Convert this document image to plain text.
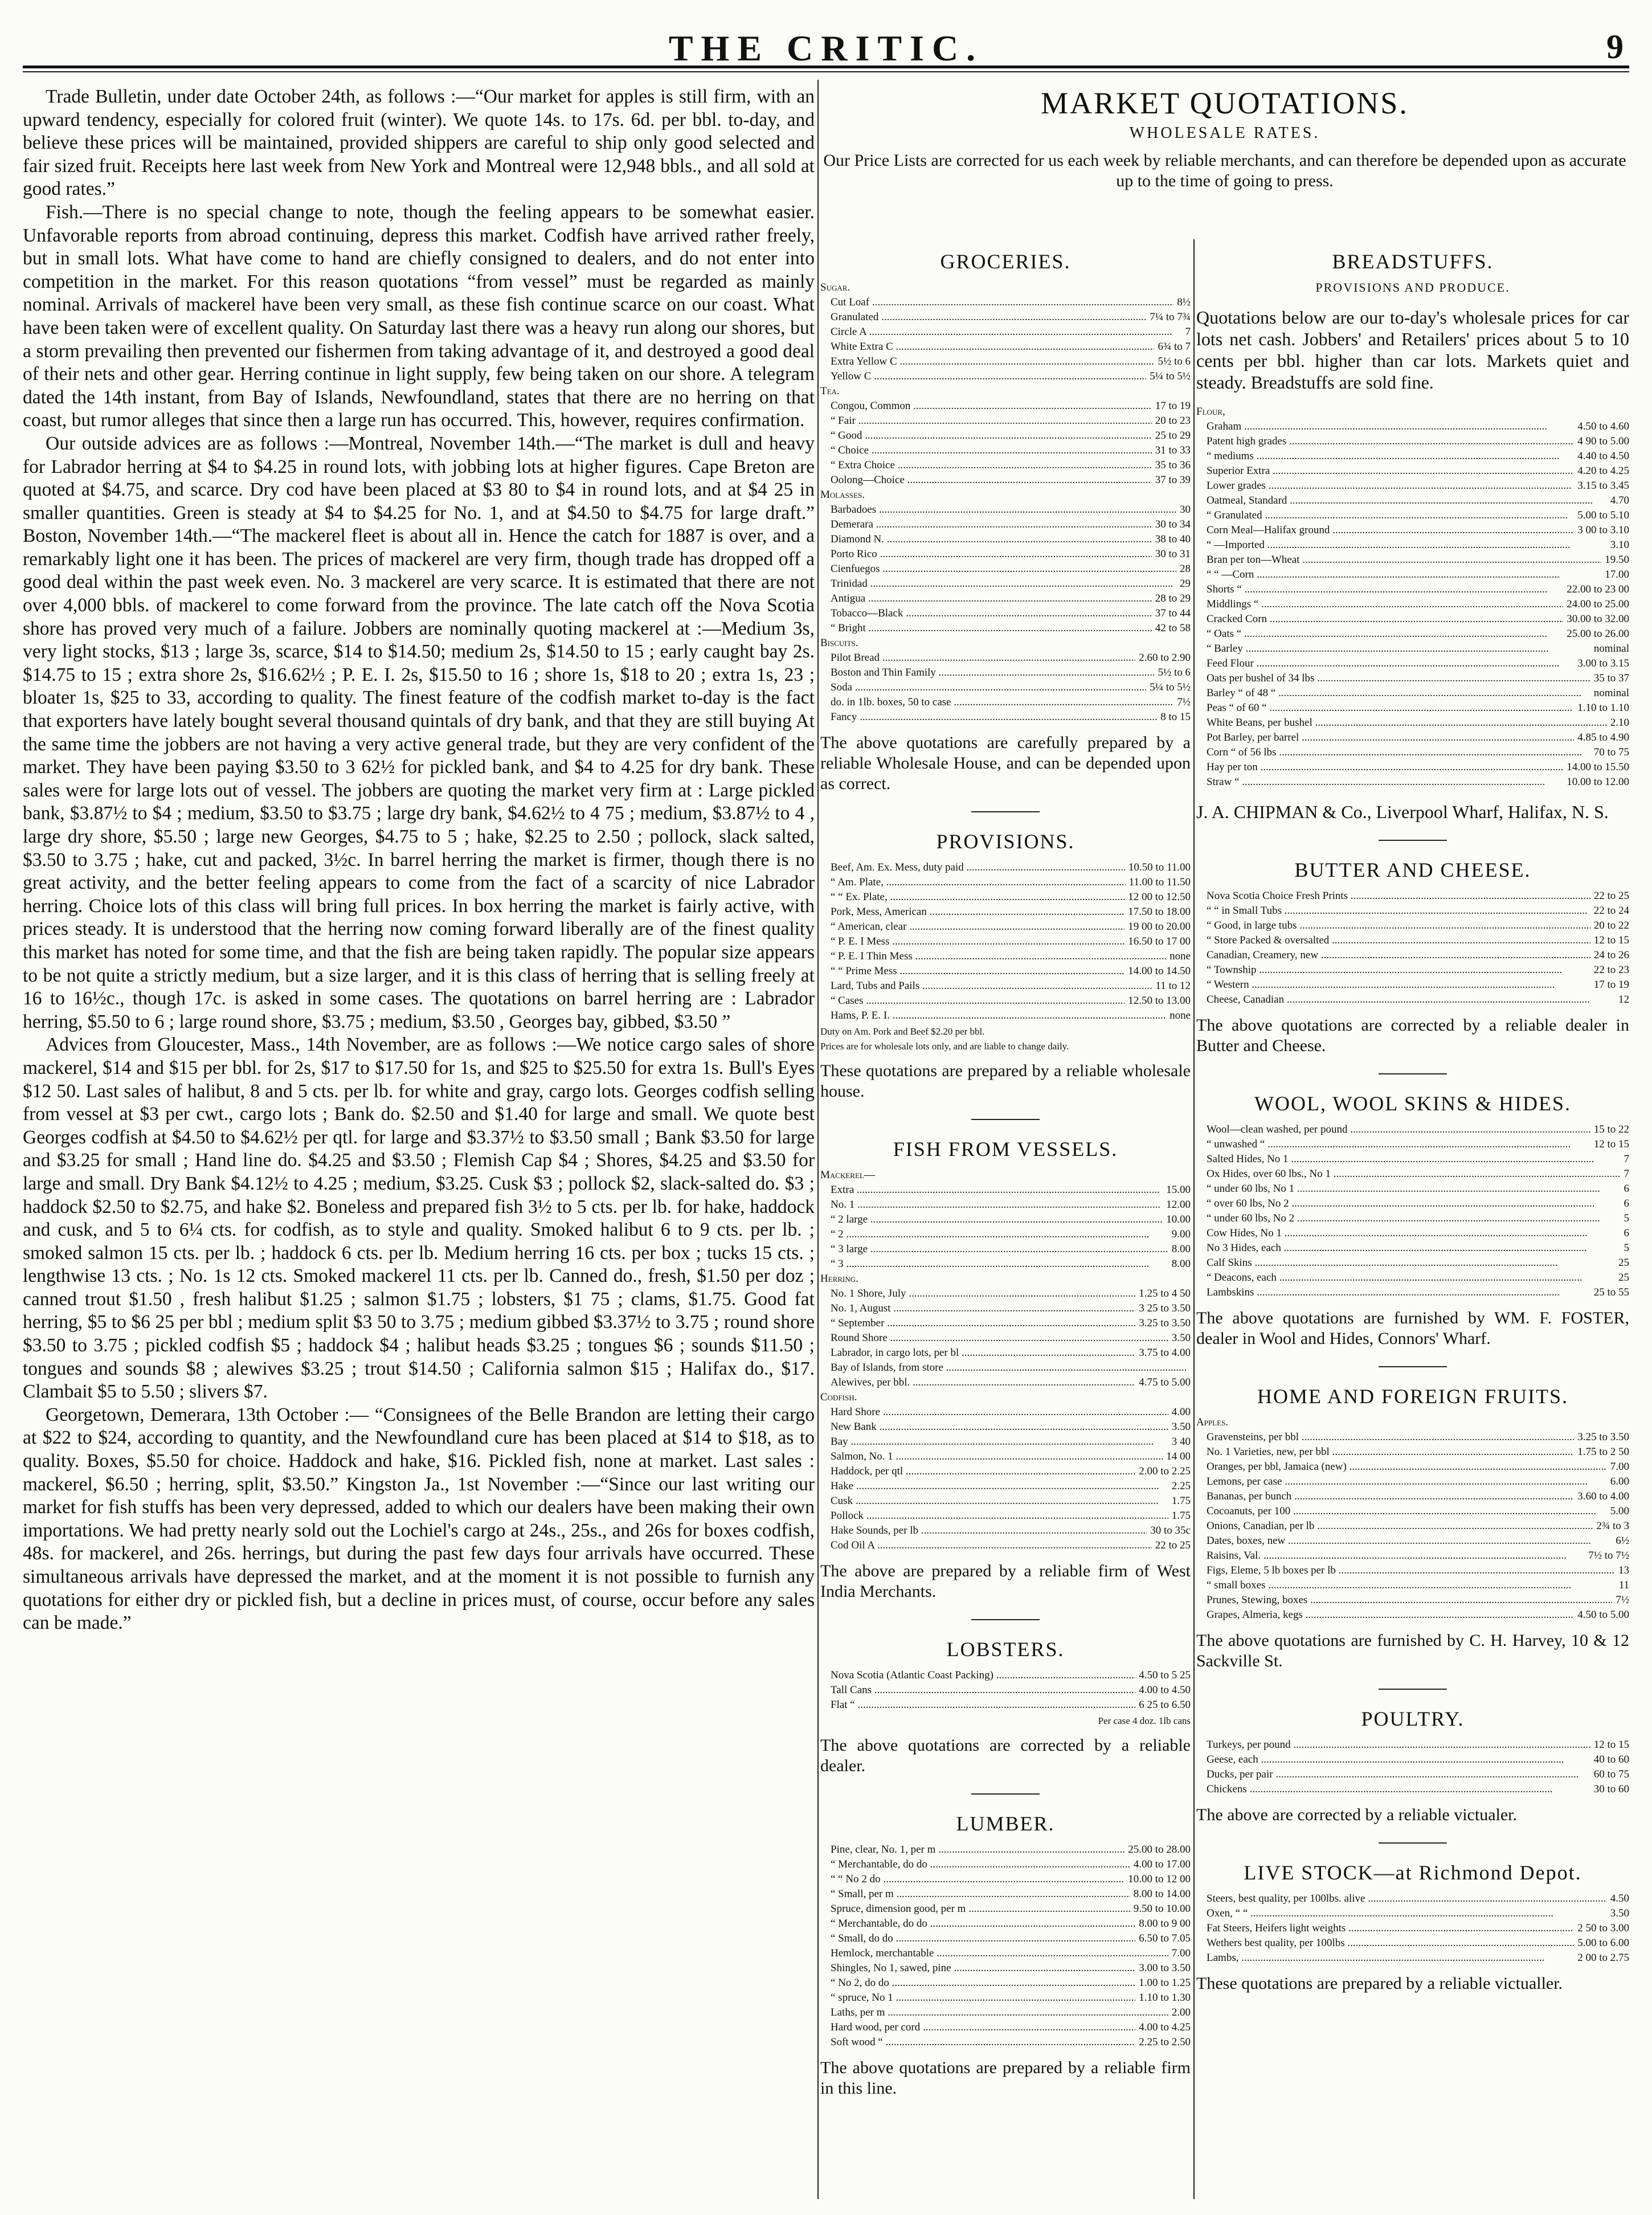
THE CRITIC.	9

Trade Bulletin, under date October 24th, as follows :—“Our market for apples is still firm, with an upward tendency, especially for colored fruit (winter). We quote 14s. to 17s. 6d. per bbl. to-day, and believe these prices will be maintained, provided shippers are careful to ship only good selected and fair sized fruit. Receipts here last week from New York and Montreal were 12,948 bbls., and all sold at good rates.”

Fish.—There is no special change to note, though the feeling appears to be somewhat easier. Unfavorable reports from abroad continuing, depress this market. Codfish have arrived rather freely, but in small lots. What have come to hand are chiefly consigned to dealers, and do not enter into competition in the market. For this reason quotations “from vessel” must be regarded as mainly nominal. Arrivals of mackerel have been very small, as these fish continue scarce on our coast. What have been taken were of excellent quality. On Saturday last there was a heavy run along our shores, but a storm prevailing then prevented our fishermen from taking advantage of it, and destroyed a good deal of their nets and other gear. Herring continue in light supply, few being taken on our shore. A telegram dated the 14th instant, from Bay of Islands, Newfoundland, states that there are no herring on that coast, but rumor alleges that since then a large run has occurred. This, however, requires confirmation.

Our outside advices are as follows :—Montreal, November 14th.—“The market is dull and heavy for Labrador herring at $4 to $4.25 in round lots, with jobbing lots at higher figures. Cape Breton are quoted at $4.75, and scarce. Dry cod have been placed at $3 80 to $4 in round lots, and at $4 25 in smaller quantities. Green is steady at $4 to $4.25 for No. 1, and at $4.50 to $4.75 for large draft.” Boston, November 14th.—“The mackerel fleet is about all in. Hence the catch for 1887 is over, and a remarkably light one it has been. The prices of mackerel are very firm, though trade has dropped off a good deal within the past week even. No. 3 mackerel are very scarce. It is estimated that there are not over 4,000 bbls. of mackerel to come forward from the province. The late catch off the Nova Scotia shore has proved very much of a failure. Jobbers are nominally quoting mackerel at :—Medium 3s, very light stocks, $13 ; large 3s, scarce, $14 to $14.50; medium 2s, $14.50 to 15 ; early caught bay 2s. $14.75 to 15 ; extra shore 2s, $16.62½ ; P. E. I. 2s, $15.50 to 16 ; shore 1s, $18 to 20 ; extra 1s, 23 ; bloater 1s, $25 to 33, according to quality. The finest feature of the codfish market to-day is the fact that exporters have lately bought several thousand quintals of dry bank, and that they are still buying At the same time the jobbers are not having a very active general trade, but they are very confident of the market. They have been paying $3.50 to 3 62½ for pickled bank, and $4 to 4.25 for dry bank. These sales were for large lots out of vessel. The jobbers are quoting the market very firm at : Large pickled bank, $3.87½ to $4 ; medium, $3.50 to $3.75 ; large dry bank, $4.62½ to 4 75 ; medium, $3.87½ to 4 , large dry shore, $5.50 ; large new Georges, $4.75 to 5 ; hake, $2.25 to 2.50 ; pollock, slack salted, $3.50 to 3.75 ; hake, cut and packed, 3½c. In barrel herring the market is firmer, though there is no great activity, and the better feeling appears to come from the fact of a scarcity of nice Labrador herring. Choice lots of this class will bring full prices. In box herring the market is fairly active, with prices steady. It is understood that the herring now coming forward liberally are of the finest quality this market has noted for some time, and that the fish are being taken rapidly. The popular size appears to be not quite a strictly medium, but a size larger, and it is this class of herring that is selling freely at 16 to 16½c., though 17c. is asked in some cases. The quotations on barrel herring are : Labrador herring, $5.50 to 6 ; large round shore, $3.75 ; medium, $3.50 , Georges bay, gibbed, $3.50 ”

Advices from Gloucester, Mass., 14th November, are as follows :—We notice cargo sales of shore mackerel, $14 and $15 per bbl. for 2s, $17 to $17.50 for 1s, and $25 to $25.50 for extra 1s. Bull's Eyes $12 50. Last sales of halibut, 8 and 5 cts. per lb. for white and gray, cargo lots. Georges codfish selling from vessel at $3 per cwt., cargo lots ; Bank do. $2.50 and $1.40 for large and small. We quote best Georges codfish at $4.50 to $4.62½ per qtl. for large and $3.37½ to $3.50 small ; Bank $3.50 for large and $3.25 for small ; Hand line do. $4.25 and $3.50 ; Flemish Cap $4 ; Shores, $4.25 and $3.50 for large and small. Dry Bank $4.12½ to 4.25 ; medium, $3.25. Cusk $3 ; pollock $2, slack-salted do. $3 ; haddock $2.50 to $2.75, and hake $2. Boneless and prepared fish 3½ to 5 cts. per lb. for hake, haddock and cusk, and 5 to 6¼ cts. for codfish, as to style and quality. Smoked halibut 6 to 9 cts. per lb. ; smoked salmon 15 cts. per lb. ; haddock 6 cts. per lb. Medium herring 16 cts. per box ; tucks 15 cts. ; lengthwise 13 cts. ; No. 1s 12 cts. Smoked mackerel 11 cts. per lb. Canned do., fresh, $1.50 per doz ; canned trout $1.50 , fresh halibut $1.25 ; salmon $1.75 ; lobsters, $1 75 ; clams, $1.75. Good fat herring, $5 to $6 25 per bbl ; medium split $3 50 to 3.75 ; medium gibbed $3.37½ to 3.75 ; round shore $3.50 to 3.75 ; pickled codfish $5 ; haddock $4 ; halibut heads $3.25 ; tongues $6 ; sounds $11.50 ; tongues and sounds $8 ; alewives $3.25 ; trout $14.50 ; California salmon $15 ; Halifax do., $17. Clambait $5 to 5.50 ; slivers $7.

Georgetown, Demerara, 13th October :— “Consignees of the Belle Brandon are letting their cargo at $22 to $24, according to quantity, and the Newfoundland cure has been placed at $14 to $18, as to quality. Boxes, $5.50 for choice. Haddock and hake, $16. Pickled fish, none at market. Last sales : mackerel, $6.50 ; herring, split, $3.50.” Kingston Ja., 1st November :—“Since our last writing our market for fish stuffs has been very depressed, added to which our dealers have been making their own importations. We had pretty nearly sold out the Lochiel's cargo at 24s., 25s., and 26s for boxes codfish, 48s. for mackerel, and 26s. herrings, but during the past few days four arrivals have occurred. These simultaneous arrivals have depressed the market, and at the moment it is not possible to furnish any quotations for either dry or pickled fish, but a decline in prices must, of course, occur before any sales can be made.”

MARKET QUOTATIONS.
WHOLESALE RATES.
Our Price Lists are corrected for us each week by reliable merchants, and can therefore be depended upon as accurate up to the time of going to press.
GROCERIES.
Sugar.
Cut Loaf .....	8½
Granulated .....	7¼ to 7¾
Circle A .....	7
White Extra C .....	6¾ to 7
Extra Yellow C .....	5½ to 6
Yellow C .....	5¼ to 5½
Tea.
Congou, Common .....	17 to 19
“ Fair .....	20 to 23
“ Good .....	25 to 29
“ Choice .....	31 to 33
“ Extra Choice .....	35 to 36
Oolong—Choice .....	37 to 39
Molasses.
Barbadoes .....	30
Demerara .....	30 to 34
Diamond N. .....	38 to 40
Porto Rico .....	30 to 31
Cienfuegos .....	28
Trinidad .....	29
Antigua .....	28 to 29
Tobacco—Black .....	37 to 44
“ Bright .....	42 to 58
Biscuits.
Pilot Bread .....	2.60 to 2.90
Boston and Thin Family .....	5½ to 6
Soda .....	5¼ to 5½
do. in 1lb. boxes, 50 to case .....	7½
Fancy .....	8 to 15
The above quotations are carefully prepared by a reliable Wholesale House, and can be depended upon as correct.
PROVISIONS.
Beef, Am. Ex. Mess, duty paid .....	10.50 to 11.00
“ Am. Plate, .....	11.00 to 11.50
“ “ Ex. Plate, .....	12 00 to 12.50
Pork, Mess, American .....	17.50 to 18.00
“ American, clear .....	19 00 to 20.00
“ P. E. I Mess .....	16.50 to 17 00
“ P. E. I Thin Mess .....	none
“ “ Prime Mess .....	14.00 to 14.50
Lard, Tubs and Pails .....	11 to 12
“ Cases .....	12.50 to 13.00
Hams, P. E. I. .....	none
Duty on Am. Pork and Beef $2.20 per bbl.
Prices are for wholesale lots only, and are liable to change daily.
These quotations are prepared by a reliable wholesale house.
FISH FROM VESSELS.
Mackerel—
Extra .....	15.00
No. 1 .....	12.00
“ 2 large .....	10.00
“ 2 .....	9.00
“ 3 large .....	8.00
“ 3 .....	8.00
Herring.
No. 1 Shore, July .....	1.25 to 4 50
No. 1, August .....	3 25 to 3.50
“ September .....	3.25 to 3.50
Round Shore .....	3.50
Labrador, in cargo lots, per bl .....	3.75 to 4.00
Bay of Islands, from store .....
Alewives, per bbl. .....	4.75 to 5.00
Codfish.
Hard Shore .....	4.00
New Bank .....	3.50
Bay .....	3 40
Salmon, No. 1 .....	14 00
Haddock, per qtl .....	2.00 to 2.25
Hake .....	2.25
Cusk .....	1.75
Pollock .....	1.75
Hake Sounds, per lb .....	30 to 35c
Cod Oil A .....	22 to 25
The above are prepared by a reliable firm of West India Merchants.
LOBSTERS.
Nova Scotia (Atlantic Coast Packing) .....	4.50 to 5 25
Tall Cans .....	4.00 to 4.50
Flat “ .....	6 25 to 6.50
Per case 4 doz. 1lb cans
The above quotations are corrected by a reliable dealer.
LUMBER.
Pine, clear, No. 1, per m .....	25.00 to 28.00
“ Merchantable, do do .....	4.00 to 17.00
“ “ No 2 do .....	10.00 to 12 00
“ Small, per m .....	8.00 to 14.00
Spruce, dimension good, per m .....	9.50 to 10.00
“ Merchantable, do do .....	8.00 to 9 00
“ Small, do do .....	6.50 to 7.05
Hemlock, merchantable .....	7.00
Shingles, No 1, sawed, pine .....	3.00 to 3.50
“ No 2, do do .....	1.00 to 1.25
“ spruce, No 1 .....	1.10 to 1.30
Laths, per m .....	2.00
Hard wood, per cord .....	4.00 to 4.25
Soft wood “ .....	2.25 to 2.50
The above quotations are prepared by a reliable firm in this line.
BREADSTUFFS.
PROVISIONS AND PRODUCE.
Quotations below are our to-day's wholesale prices for car lots net cash. Jobbers' and Retailers' prices about 5 to 10 cents per bbl. higher than car lots. Markets quiet and steady. Breadstuffs are sold fine.
Flour,
Graham .....	4.50 to 4.60
Patent high grades .....	4 90 to 5.00
“ mediums .....	4.40 to 4.50
Superior Extra .....	4.20 to 4.25
Lower grades .....	3.15 to 3.45
Oatmeal, Standard .....	4.70
“ Granulated .....	5.00 to 5.10
Corn Meal—Halifax ground .....	3 00 to 3.10
“ —Imported .....	3.10
Bran per ton—Wheat .....	19.50
“ “ —Corn .....	17.00
Shorts “ .....	22.00 to 23 00
Middlings “ .....	24.00 to 25.00
Cracked Corn .....	30.00 to 32.00
“ Oats “ .....	25.00 to 26.00
“ Barley .....	nominal
Feed Flour .....	3.00 to 3.15
Oats per bushel of 34 lbs .....	35 to 37
Barley “ of 48 “ .....	nominal
Peas “ of 60 “ .....	1.10 to 1.10
White Beans, per bushel .....	2.10
Pot Barley, per barrel .....	4.85 to 4.90
Corn “ of 56 lbs .....	70 to 75
Hay per ton .....	14.00 to 15.50
Straw “ .....	10.00 to 12.00
J. A. CHIPMAN & Co., Liverpool Wharf, Halifax, N. S.
BUTTER AND CHEESE.
Nova Scotia Choice Fresh Prints .....	22 to 25
“ “ in Small Tubs .....	22 to 24
“ Good, in large tubs .....	20 to 22
“ Store Packed & oversalted .....	12 to 15
Canadian, Creamery, new .....	24 to 26
“ Township .....	22 to 23
“ Western .....	17 to 19
Cheese, Canadian .....	12
The above quotations are corrected by a reliable dealer in Butter and Cheese.
WOOL, WOOL SKINS & HIDES.
Wool—clean washed, per pound .....	15 to 22
“ unwashed “ .....	12 to 15
Salted Hides, No 1 .....	7
Ox Hides, over 60 lbs., No 1 .....	7
“ under 60 lbs, No 1 .....	6
“ over 60 lbs, No 2 .....	6
“ under 60 lbs, No 2 .....	5
Cow Hides, No 1 .....	6
No 3 Hides, each .....	5
Calf Skins .....	25
“ Deacons, each .....	25
Lambskins .....	25 to 55
The above quotations are furnished by WM. F. FOSTER, dealer in Wool and Hides, Connors' Wharf.
HOME AND FOREIGN FRUITS.
Apples.
Gravensteins, per bbl .....	3.25 to 3.50
No. 1 Varieties, new, per bbl .....	1.75 to 2 50
Oranges, per bbl, Jamaica (new) .....	7.00
Lemons, per case .....	6.00
Bananas, per bunch .....	3.60 to 4.00
Cocoanuts, per 100 .....	5.00
Onions, Canadian, per lb .....	2¾ to 3
Dates, boxes, new .....	6½
Raisins, Val. .....	7½ to 7½
Figs, Eleme, 5 lb boxes per lb .....	13
“ small boxes .....	11
Prunes, Stewing, boxes .....	7½
Grapes, Almeria, kegs .....	4.50 to 5.00
The above quotations are furnished by C. H. Harvey, 10 & 12 Sackville St.
POULTRY.
Turkeys, per pound .....	12 to 15
Geese, each .....	40 to 60
Ducks, per pair .....	60 to 75
Chickens .....	30 to 60
The above are corrected by a reliable victualer.
LIVE STOCK—at Richmond Depot.
Steers, best quality, per 100lbs. alive .....	4.50
Oxen, “ “ .....	3.50
Fat Steers, Heifers light weights .....	2 50 to 3.00
Wethers best quality, per 100lbs .....	5.00 to 6.00
Lambs, .....	2 00 to 2.75
These quotations are prepared by a reliable victualler.
